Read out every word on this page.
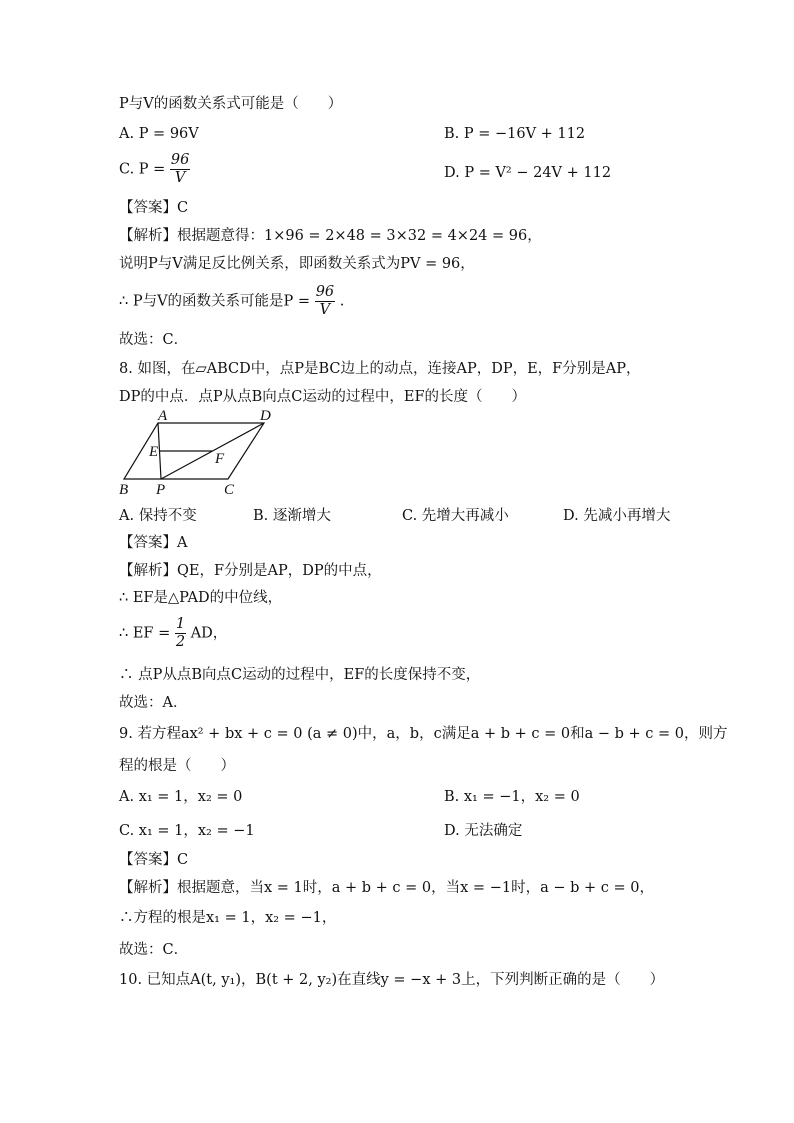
P与V的函数关系式可能是（　　）
A. P = 96V	B. P = −16V + 112
C. $P = \frac{96}{V}$	D. P = V² − 24V + 112
【答案】C
【解析】根据题意得：1×96 = 2×48 = 3×32 = 4×24 = 96，
说明P与V满足反比例关系，即函数关系式为PV = 96，
∴ P与V的函数关系可能是$P = \frac{96}{V}$ .
故选：C．
8. 如图，在▱ABCD中，点P是BC边上的动点，连接AP，DP，E，F分别是AP，
DP的中点．点P从点B向点C运动的过程中，EF的长度（　　）
A	D
E	F
B P	C
A. 保持不变	B. 逐渐增大	C. 先增大再减小	D. 先减小再增大
【答案】A
【解析】QE，F分别是AP，DP的中点，
∴ EF是△PAD的中位线，
∴ EF = $\frac{1}{2}$ AD，
∴ 点P从点B向点C运动的过程中，EF的长度保持不变，
故选：A．
9. 若方程ax² + bx + c = 0 (a ≠ 0)中，a，b，c满足a + b + c = 0和a − b + c = 0，则方
程的根是（　　）
A. x₁ = 1，x₂ = 0	B. x₁ = −1，x₂ = 0
C. x₁ = 1，x₂ = −1	D. 无法确定
【答案】C
【解析】根据题意，当x = 1时，a + b + c = 0，当x = −1时，a − b + c = 0，
∴方程的根是x₁ = 1，x₂ = −1，
故选：C．
10. 已知点A(t, y₁)，B(t + 2, y₂)在直线y = −x + 3上，下列判断正确的是（　　）
